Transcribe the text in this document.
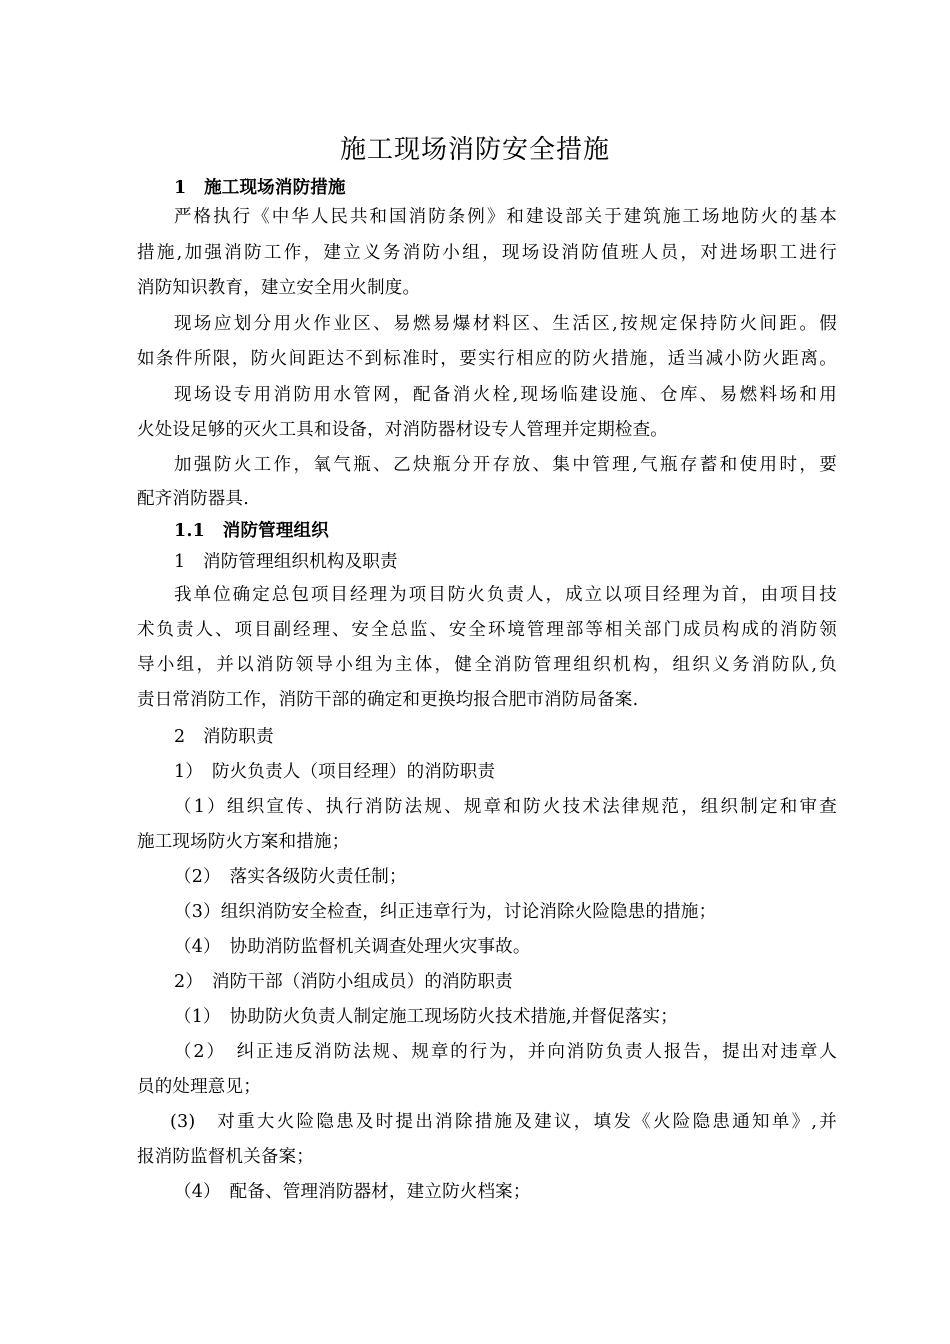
施工现场消防安全措施
1　施工现场消防措施
严格执行《中华人民共和国消防条例》和建设部关于建筑施工场地防火的基本
措施,加强消防工作，建立义务消防小组，现场设消防值班人员，对进场职工进行
消防知识教育，建立安全用火制度。
现场应划分用火作业区、易燃易爆材料区、生活区,按规定保持防火间距。假
如条件所限，防火间距达不到标准时，要实行相应的防火措施，适当减小防火距离。
现场设专用消防用水管网，配备消火栓,现场临建设施、仓库、易燃料场和用
火处设足够的灭火工具和设备，对消防器材设专人管理并定期检查。
加强防火工作，氧气瓶、乙炔瓶分开存放、集中管理,气瓶存蓄和使用时，要
配齐消防器具.
1.1　消防管理组织
1　消防管理组织机构及职责
我单位确定总包项目经理为项目防火负责人，成立以项目经理为首，由项目技
术负责人、项目副经理、安全总监、安全环境管理部等相关部门成员构成的消防领
导小组，并以消防领导小组为主体，健全消防管理组织机构，组织义务消防队,负
责日常消防工作，消防干部的确定和更换均报合肥市消防局备案.
2　消防职责
1）　防火负责人（项目经理）的消防职责
（1）组织宣传、执行消防法规、规章和防火技术法律规范，组织制定和审查
施工现场防火方案和措施；
（2）　落实各级防火责任制；
（3）组织消防安全检查，纠正违章行为，讨论消除火险隐患的措施；
（4）　协助消防监督机关调查处理火灾事故。
2）　消防干部（消防小组成员）的消防职责
（1）　协助防火负责人制定施工现场防火技术措施,并督促落实；
（2）　纠正违反消防法规、规章的行为，并向消防负责人报告，提出对违章人
员的处理意见；
(3)　对重大火险隐患及时提出消除措施及建议，填发《火险隐患通知单》,并
报消防监督机关备案；
（4）　配备、管理消防器材，建立防火档案；
